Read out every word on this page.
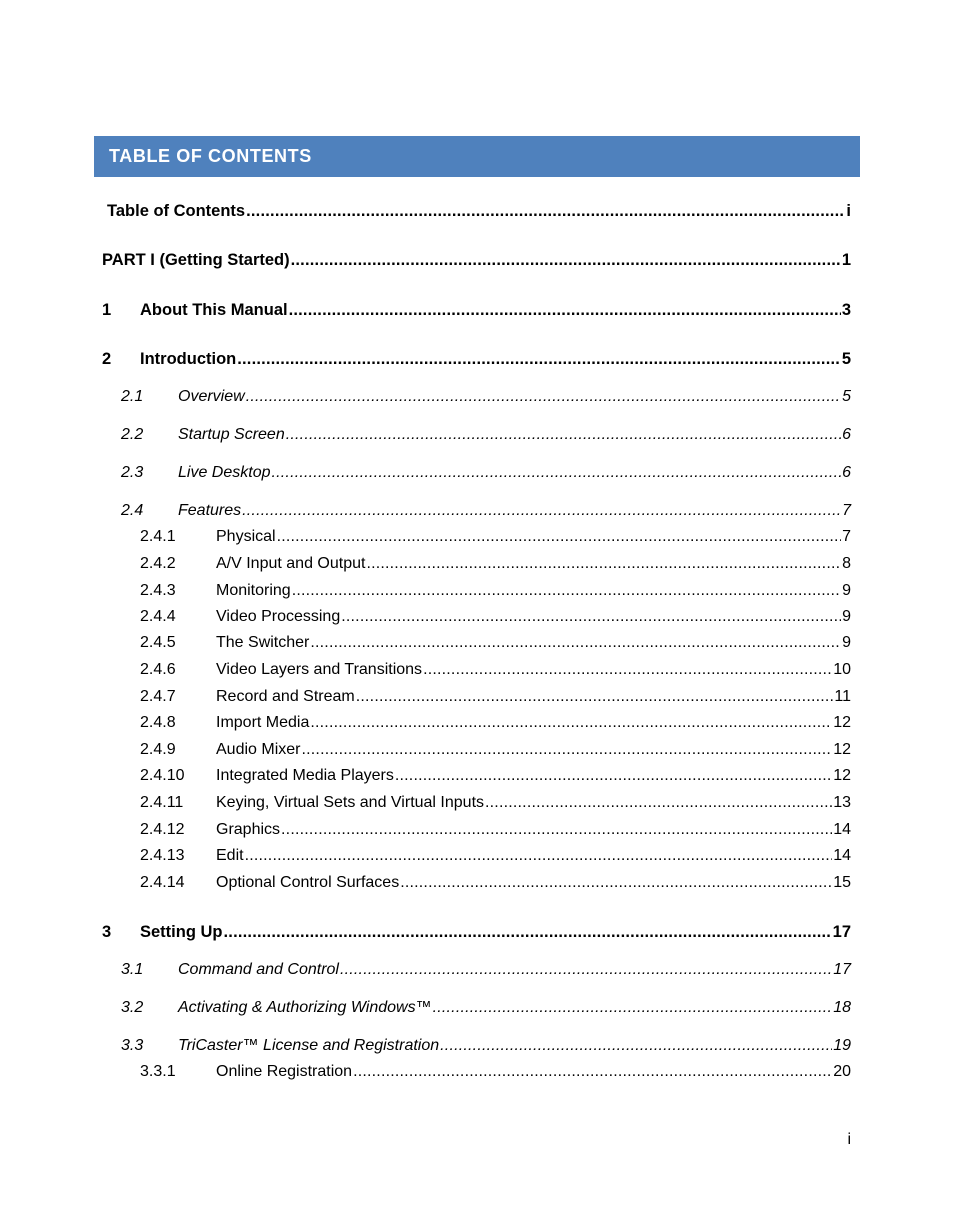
TABLE OF CONTENTS
Table of Contents .....	i
PART I (Getting Started) .....	1
1	About This Manual .....	3
2	Introduction .....	5
2.1	Overview .....	5
2.2	Startup Screen .....	6
2.3	Live Desktop .....	6
2.4	Features .....	7
2.4.1	Physical .....	7
2.4.2	A/V Input and Output .....	8
2.4.3	Monitoring .....	9
2.4.4	Video Processing .....	9
2.4.5	The Switcher .....	9
2.4.6	Video Layers and Transitions .....	10
2.4.7	Record and Stream .....	11
2.4.8	Import Media .....	12
2.4.9	Audio Mixer .....	12
2.4.10	Integrated Media Players .....	12
2.4.11	Keying, Virtual Sets and Virtual Inputs .....	13
2.4.12	Graphics .....	14
2.4.13	Edit .....	14
2.4.14	Optional Control Surfaces .....	15
3	Setting Up .....	17
3.1	Command and Control .....	17
3.2	Activating & Authorizing Windows™ .....	18
3.3	TriCaster™ License and Registration .....	19
3.3.1	Online Registration .....	20
i
